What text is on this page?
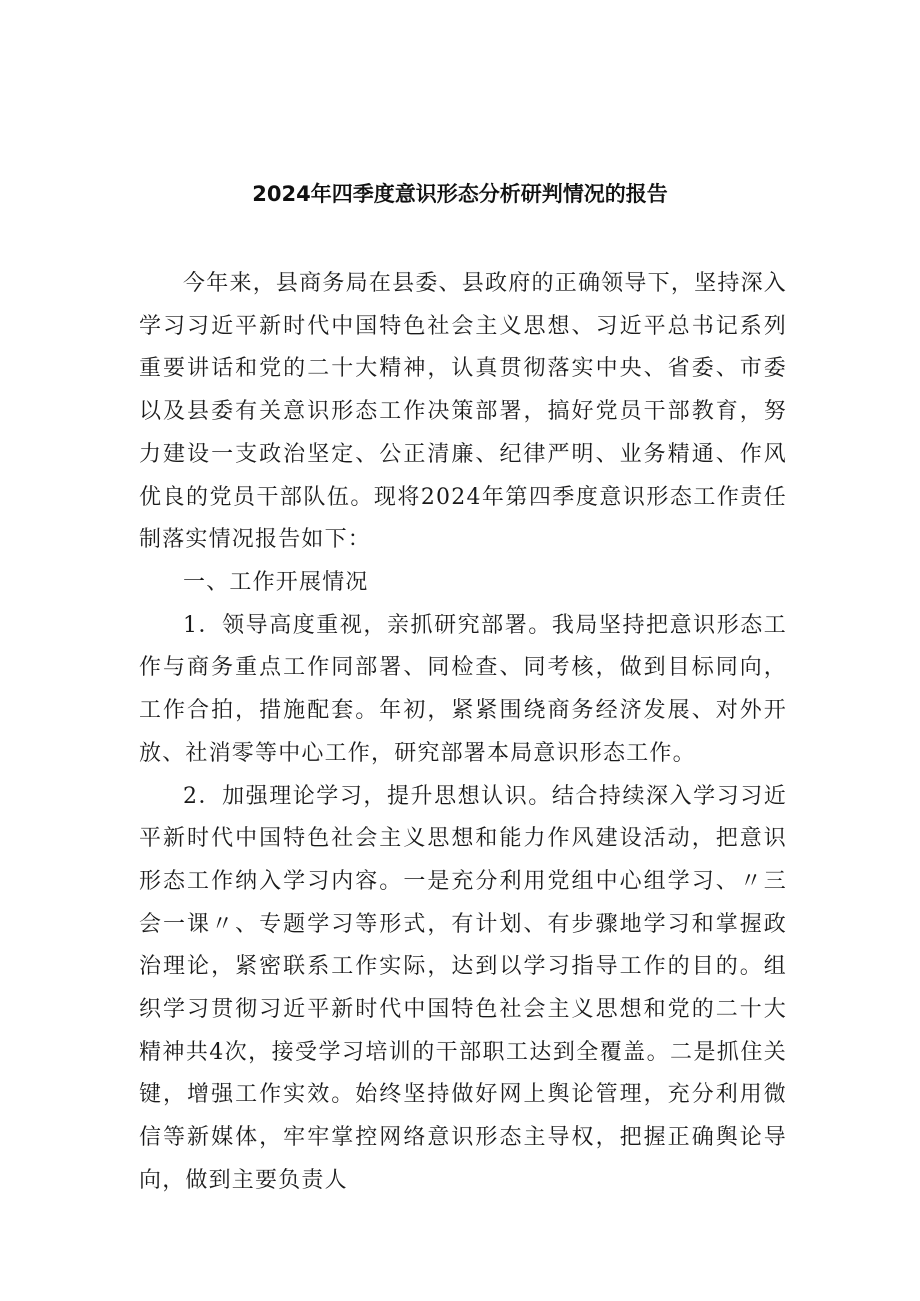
2024年四季度意识形态分析研判情况的报告

今年来，县商务局在县委、县政府的正确领导下，坚持深入学习习近平新时代中国特色社会主义思想、习近平总书记系列重要讲话和党的二十大精神，认真贯彻落实中央、省委、市委以及县委有关意识形态工作决策部署，搞好党员干部教育，努力建设一支政治坚定、公正清廉、纪律严明、业务精通、作风优良的党员干部队伍。现将2024年第四季度意识形态工作责任制落实情况报告如下：

一、工作开展情况

1．领导高度重视，亲抓研究部署。我局坚持把意识形态工作与商务重点工作同部署、同检查、同考核，做到目标同向，工作合拍，措施配套。年初，紧紧围绕商务经济发展、对外开放、社消零等中心工作，研究部署本局意识形态工作。

2．加强理论学习，提升思想认识。结合持续深入学习习近平新时代中国特色社会主义思想和能力作风建设活动，把意识形态工作纳入学习内容。一是充分利用党组中心组学习、〃三会一课〃、专题学习等形式，有计划、有步骤地学习和掌握政治理论，紧密联系工作实际，达到以学习指导工作的目的。组织学习贯彻习近平新时代中国特色社会主义思想和党的二十大精神共4次，接受学习培训的干部职工达到全覆盖。二是抓住关键，增强工作实效。始终坚持做好网上舆论管理，充分利用微信等新媒体，牢牢掌控网络意识形态主导权，把握正确舆论导向，做到主要负责人
